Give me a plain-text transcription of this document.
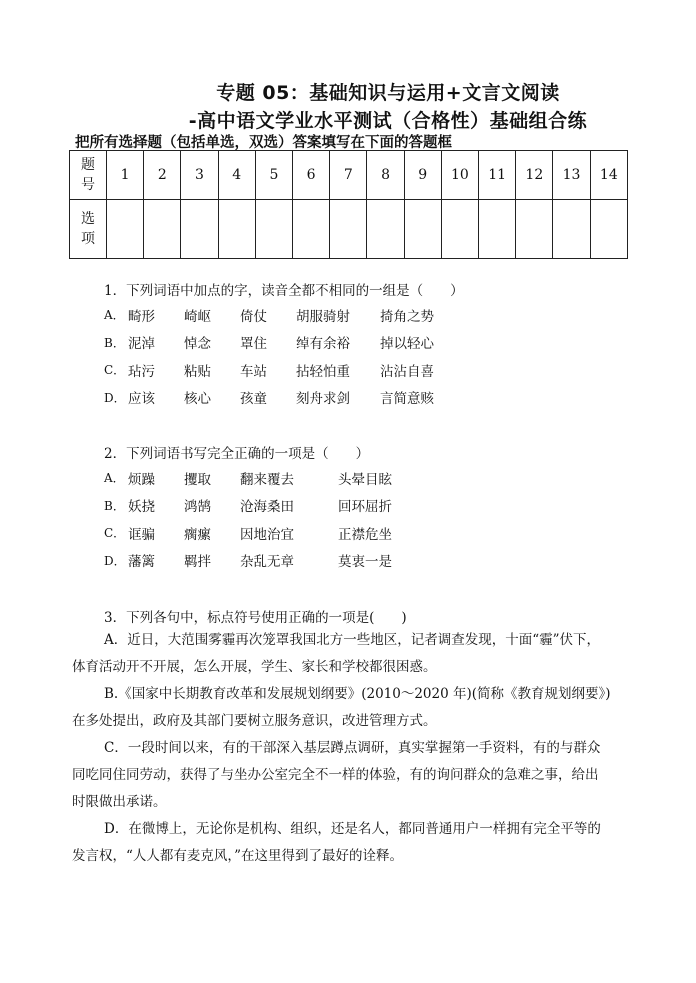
专题 05：基础知识与运用+文言文阅读
-高中语文学业水平测试（合格性）基础组合练
把所有选择题（包括单选，双选）答案填写在下面的答题框
题
号	1	2	3	4	5	6	7	8	9	10	11	12	13	14

选
项														

1．下列词语中加点的字，读音全都不相同的一组是（　　）
A． 畸形	崎岖	倚仗	胡服骑射	掎角之势
B． 泥淖	悼念	罩住	绰有余裕	掉以轻心
C． 玷污	粘贴	车站	拈轻怕重	沾沾自喜
D． 应该	核心	孩童	刻舟求剑	言简意赅
2．下列词语书写完全正确的一项是（　　）
A． 烦躁	攫取	翻来覆去	头晕目眩
B． 妖挠	鸿鹄	沧海桑田	回环屈折
C． 诓骗	瘸瘰	因地治宜	正襟危坐
D． 藩篱	羁拌	杂乱无章	莫衷一是
3．下列各句中，标点符号使用正确的一项是(　　)
A．近日，大范围雾霾再次笼罩我国北方一些地区，记者调查发现，十面“霾”伏下，
体育活动开不开展，怎么开展，学生、家长和学校都很困惑。
B.《国家中长期教育改革和发展规划纲要》(2010～2020 年)(简称《教育规划纲要》)
在多处提出，政府及其部门要树立服务意识，改进管理方式。
C．一段时间以来，有的干部深入基层蹲点调研，真实掌握第一手资料，有的与群众
同吃同住同劳动，获得了与坐办公室完全不一样的体验，有的询问群众的急难之事，给出
时限做出承诺。
D．在微博上，无论你是机构、组织，还是名人，都同普通用户一样拥有完全平等的
发言权，“人人都有麦克风，”在这里得到了最好的诠释。
